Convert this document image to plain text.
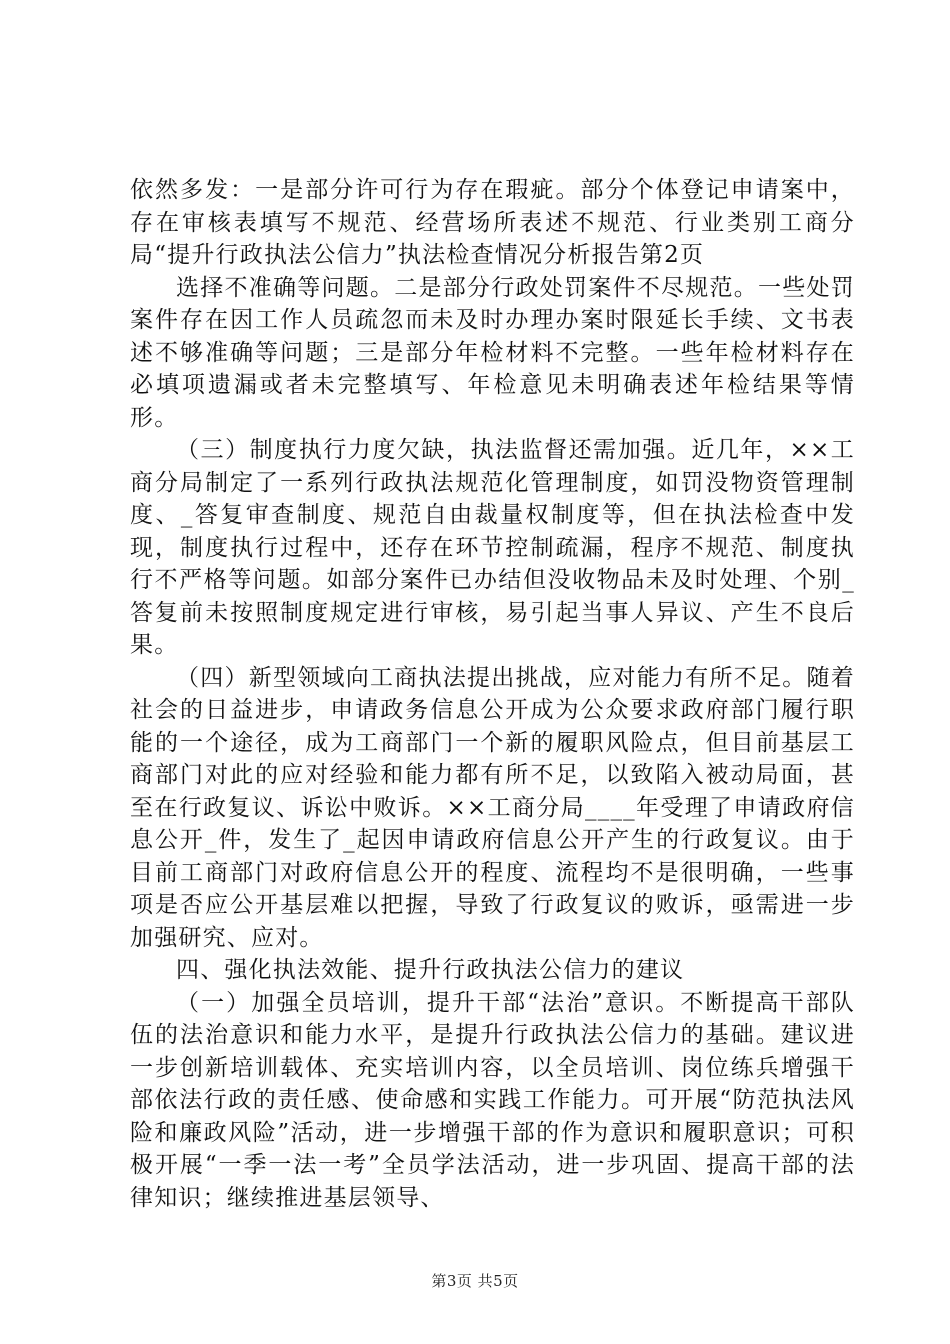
依然多发：一是部分许可行为存在瑕疵。部分个体登记申请案中，存在审核表填写不规范、经营场所表述不规范、行业类别工商分局“提升行政执法公信力”执法检查情况分析报告第2页

选择不准确等问题。二是部分行政处罚案件不尽规范。一些处罚案件存在因工作人员疏忽而未及时办理办案时限延长手续、文书表述不够准确等问题；三是部分年检材料不完整。一些年检材料存在必填项遗漏或者未完整填写、年检意见未明确表述年检结果等情形。

（三）制度执行力度欠缺，执法监督还需加强。近几年，××工商分局制定了一系列行政执法规范化管理制度，如罚没物资管理制度、_答复审查制度、规范自由裁量权制度等，但在执法检查中发现，制度执行过程中，还存在环节控制疏漏，程序不规范、制度执行不严格等问题。如部分案件已办结但没收物品未及时处理、个别_答复前未按照制度规定进行审核，易引起当事人异议、产生不良后果。

（四）新型领域向工商执法提出挑战，应对能力有所不足。随着社会的日益进步，申请政务信息公开成为公众要求政府部门履行职能的一个途径，成为工商部门一个新的履职风险点，但目前基层工商部门对此的应对经验和能力都有所不足，以致陷入被动局面，甚至在行政复议、诉讼中败诉。××工商分局____年受理了申请政府信息公开_件，发生了_起因申请政府信息公开产生的行政复议。由于目前工商部门对政府信息公开的程度、流程均不是很明确，一些事项是否应公开基层难以把握，导致了行政复议的败诉，亟需进一步加强研究、应对。

四、强化执法效能、提升行政执法公信力的建议

（一）加强全员培训，提升干部“法治”意识。不断提高干部队伍的法治意识和能力水平，是提升行政执法公信力的基础。建议进一步创新培训载体、充实培训内容，以全员培训、岗位练兵增强干部依法行政的责任感、使命感和实践工作能力。可开展“防范执法风险和廉政风险”活动，进一步增强干部的作为意识和履职意识；可积极开展“一季一法一考”全员学法活动，进一步巩固、提高干部的法律知识；继续推进基层领导、

第3页 共5页
